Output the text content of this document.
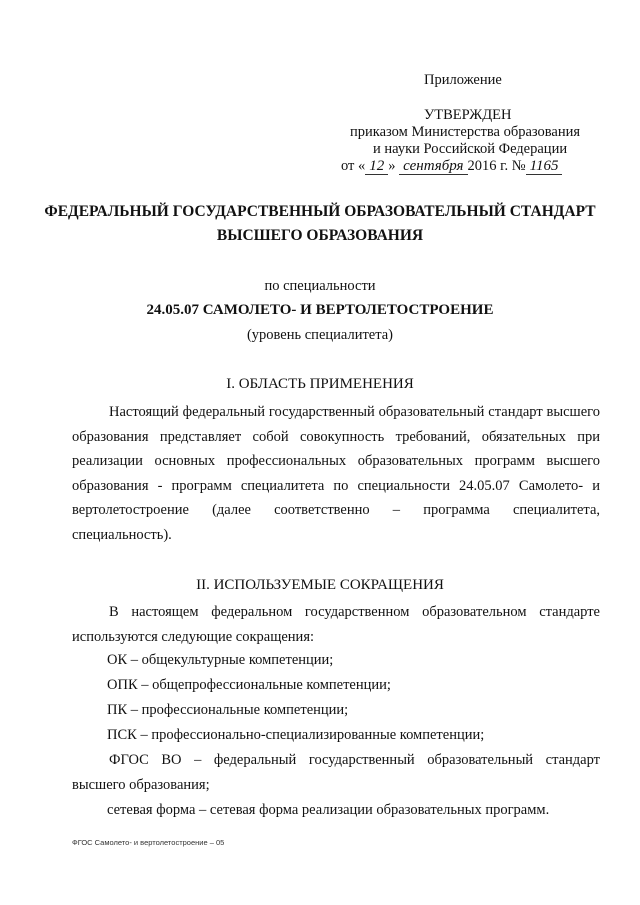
Приложение
УТВЕРЖДЕН
приказом Министерства образования
и науки Российской Федерации
от « 12 » сентября 2016 г. № 1165
ФЕДЕРАЛЬНЫЙ ГОСУДАРСТВЕННЫЙ ОБРАЗОВАТЕЛЬНЫЙ СТАНДАРТ
ВЫСШЕГО ОБРАЗОВАНИЯ
по специальности
24.05.07 САМОЛЕТО- И ВЕРТОЛЕТОСТРОЕНИЕ
(уровень специалитета)
I. ОБЛАСТЬ ПРИМЕНЕНИЯ
Настоящий федеральный государственный образовательный стандарт высшего образования представляет собой совокупность требований, обязательных при реализации основных профессиональных образовательных программ высшего образования - программ специалитета по специальности 24.05.07 Самолето- и вертолетостроение (далее соответственно – программа специалитета, специальность).
II. ИСПОЛЬЗУЕМЫЕ СОКРАЩЕНИЯ
В настоящем федеральном государственном образовательном стандарте используются следующие сокращения:
ОК – общекультурные компетенции;
ОПК – общепрофессиональные компетенции;
ПК – профессиональные компетенции;
ПСК – профессионально-специализированные компетенции;
ФГОС ВО – федеральный государственный образовательный стандарт высшего образования;
сетевая форма – сетевая форма реализации образовательных программ.
ФГОС Самолето- и вертолетостроение – 05
